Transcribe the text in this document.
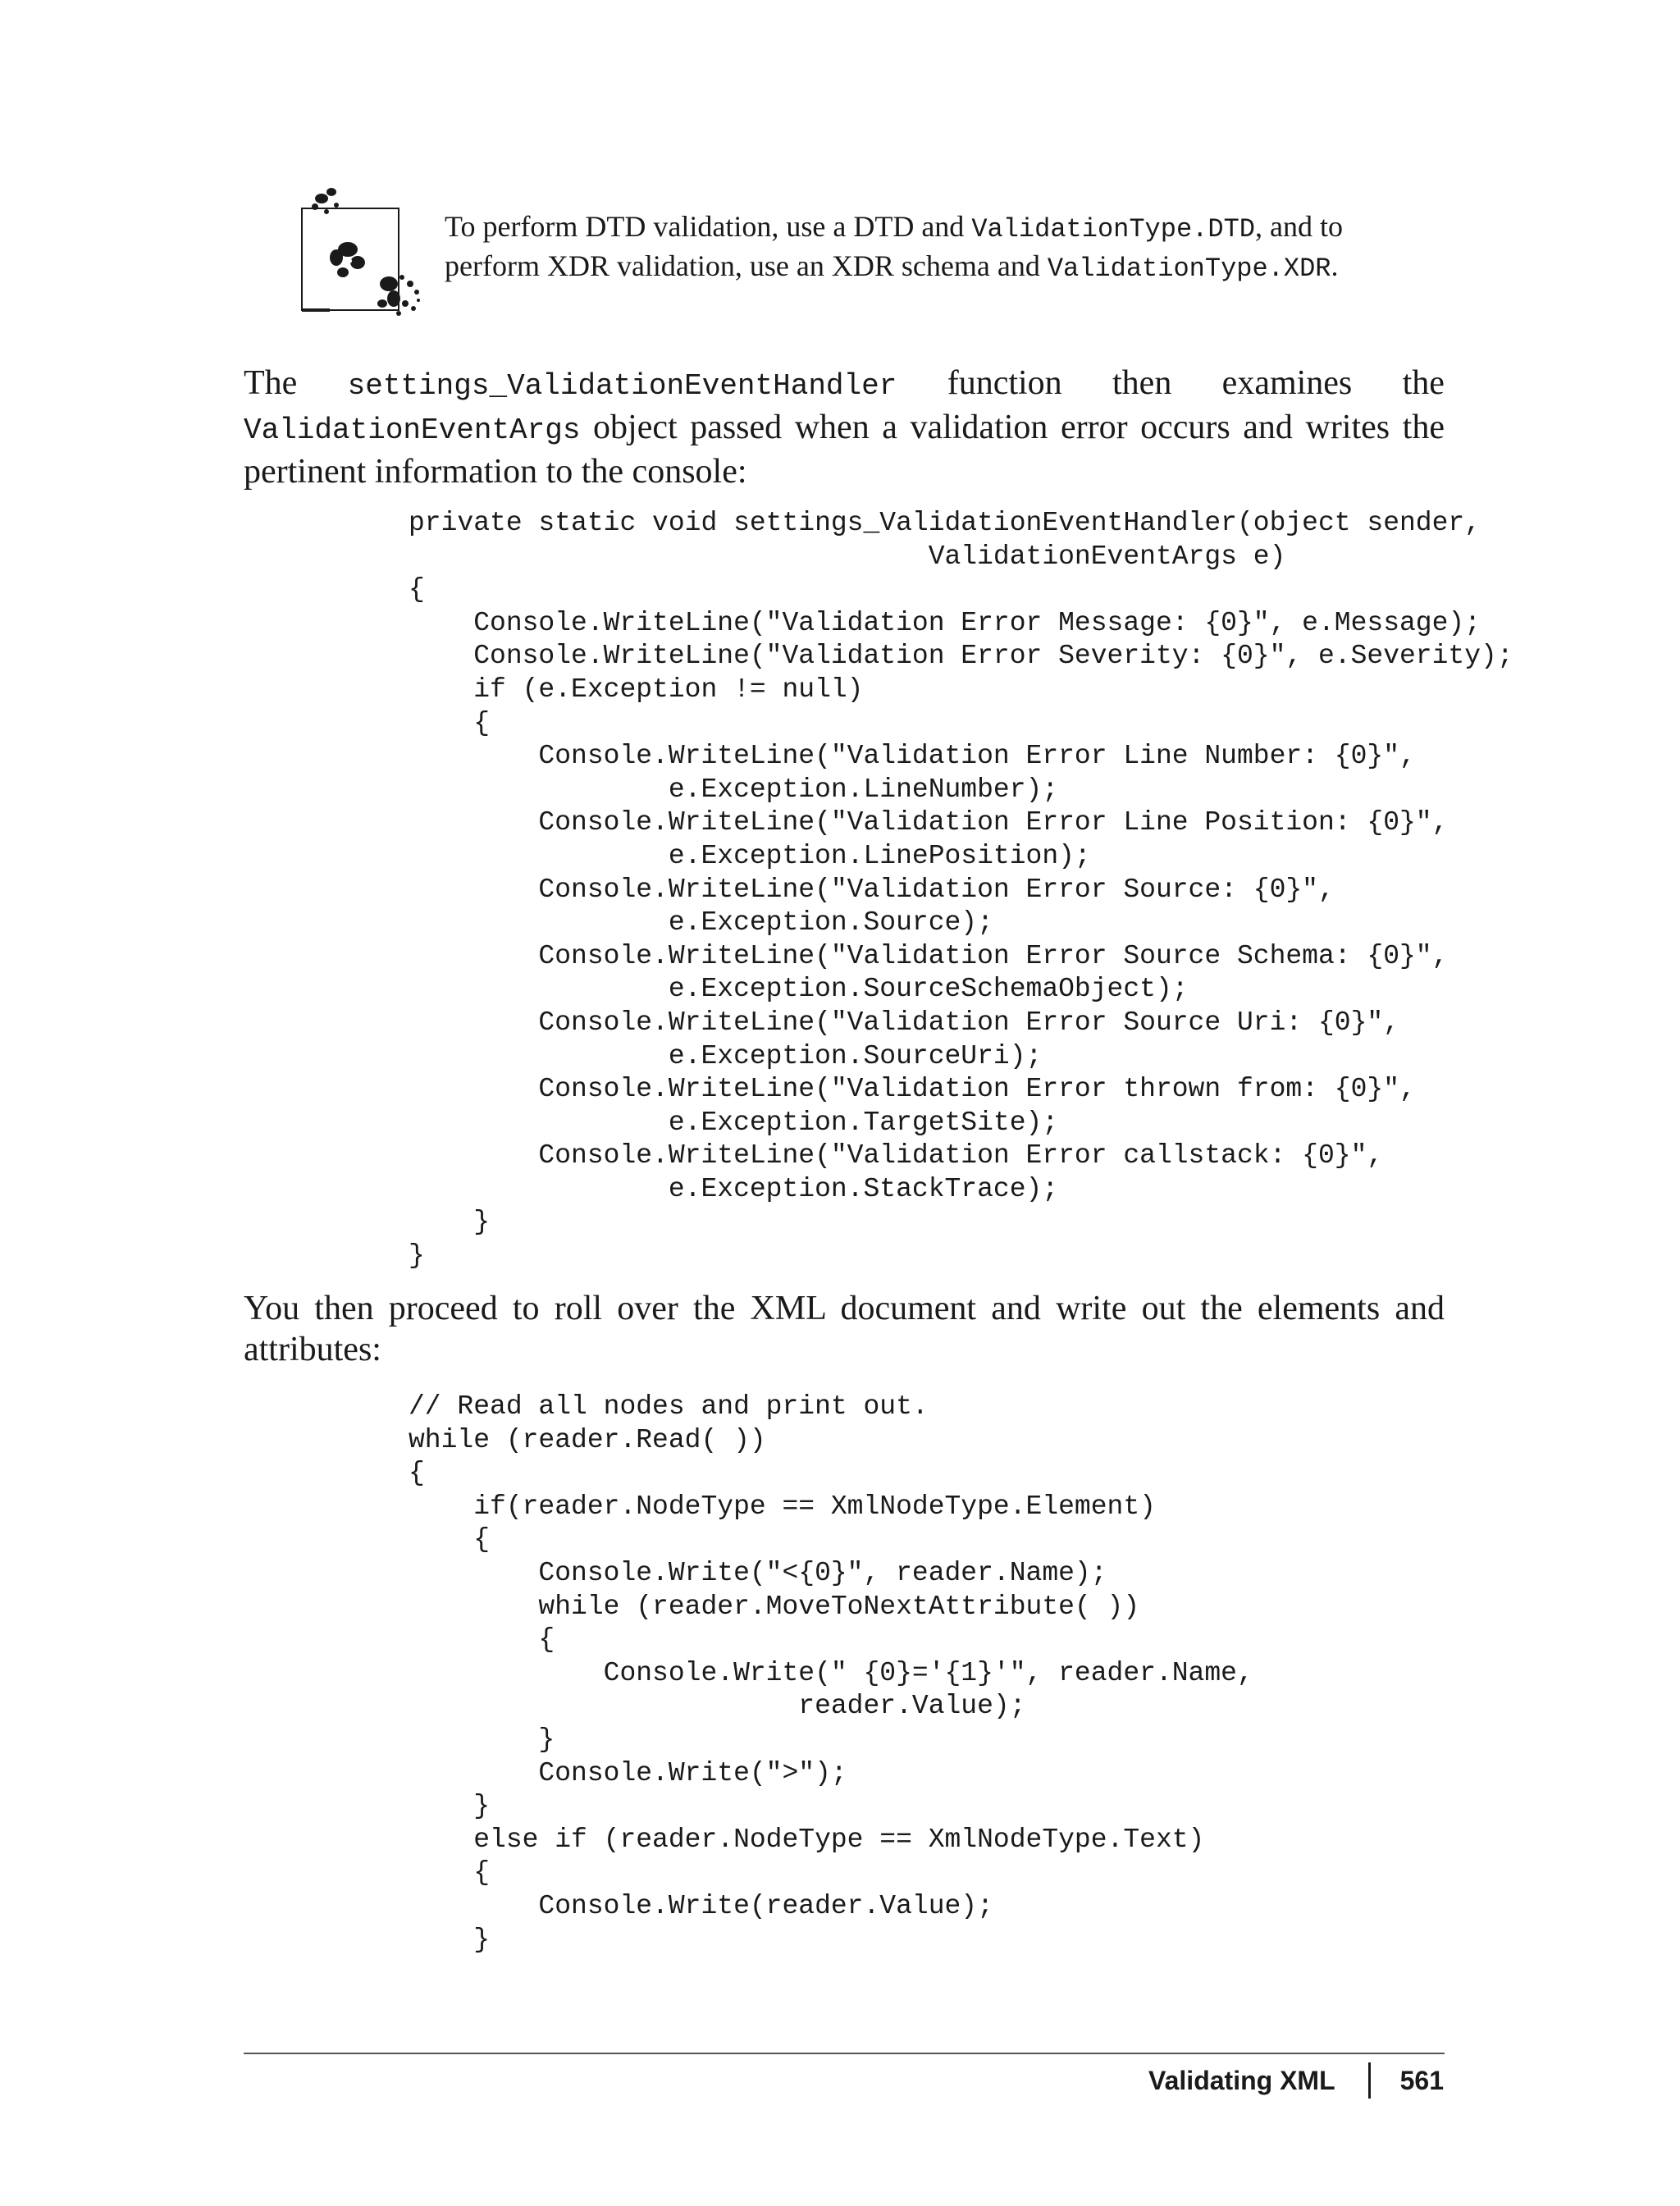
To perform DTD validation, use a DTD and ValidationType.DTD, and to perform XDR validation, use an XDR schema and ValidationType.XDR.
The settings_ValidationEventHandler function then examines the
ValidationEventArgs object passed when a validation error occurs and writes the pertinent information to the console:
private static void settings_ValidationEventHandler(object sender,
ValidationEventArgs e)
{
Console.WriteLine("Validation Error Message: {0}", e.Message);
Console.WriteLine("Validation Error Severity: {0}", e.Severity);
if (e.Exception != null)
{
Console.WriteLine("Validation Error Line Number: {0}",
e.Exception.LineNumber);
Console.WriteLine("Validation Error Line Position: {0}",
e.Exception.LinePosition);
Console.WriteLine("Validation Error Source: {0}",
e.Exception.Source);
Console.WriteLine("Validation Error Source Schema: {0}",
e.Exception.SourceSchemaObject);
Console.WriteLine("Validation Error Source Uri: {0}",
e.Exception.SourceUri);
Console.WriteLine("Validation Error thrown from: {0}",
e.Exception.TargetSite);
Console.WriteLine("Validation Error callstack: {0}",
e.Exception.StackTrace);
}
}
You then proceed to roll over the XML document and write out the elements and attributes:
// Read all nodes and print out.
while (reader.Read( ))
{
if(reader.NodeType == XmlNodeType.Element)
{
Console.Write("<{0}", reader.Name);
while (reader.MoveToNextAttribute( ))
{
Console.Write(" {0}='{1}'", reader.Name,
reader.Value);
}
Console.Write(">");
}
else if (reader.NodeType == XmlNodeType.Text)
{
Console.Write(reader.Value);
}
Validating XML 561
